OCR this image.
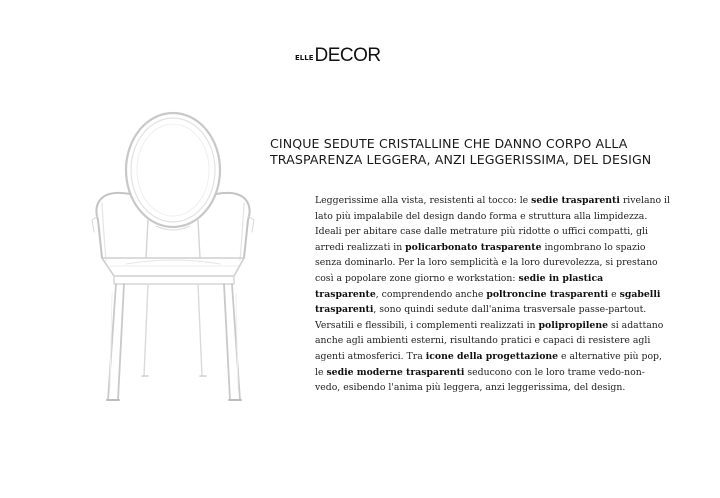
ELLE DECOR
CINQUE SEDUTE CRISTALLINE CHE DANNO CORPO ALLA TRASPARENZA LEGGERA, ANZI LEGGERISSIMA, DEL DESIGN

Leggerissime alla vista, resistenti al tocco: le sedie trasparenti rivelano il lato più impalabile del design dando forma e struttura alla limpidezza. Ideali per abitare case dalle metrature più ridotte o uffici compatti, gli arredi realizzati in policarbonato trasparente ingombrano lo spazio senza dominarlo. Per la loro semplicità e la loro durevolezza, si prestano così a popolare zone giorno e workstation: sedie in plastica trasparente, comprendendo anche poltroncine trasparenti e sgabelli trasparenti, sono quindi sedute dall'anima trasversale passe-partout. Versatili e flessibili, i complementi realizzati in polipropilene si adattano anche agli ambienti esterni, risultando pratici e capaci di resistere agli agenti atmosferici. Tra icone della progettazione e alternative più pop, le sedie moderne trasparenti seducono con le loro trame vedo-non-vedo, esibendo l'anima più leggera, anzi leggerissima, del design.
